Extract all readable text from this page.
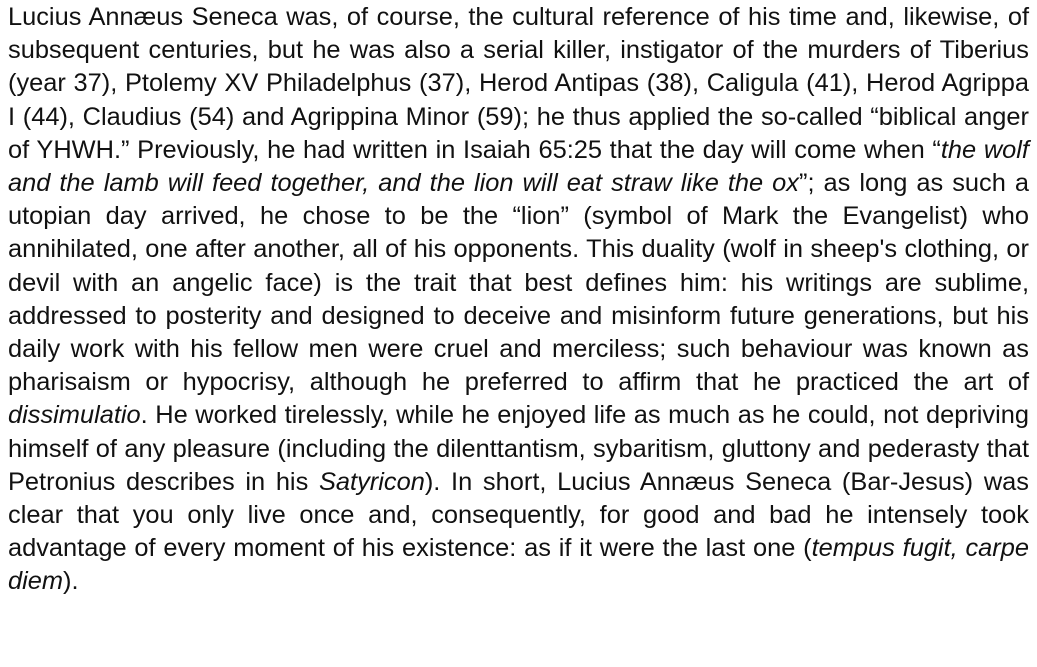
Lucius Annæus Seneca was, of course, the cultural reference of his time and, likewise, of subsequent centuries, but he was also a serial killer, instigator of the murders of Tiberius (year 37), Ptolemy XV Philadelphus (37), Herod Antipas (38), Caligula (41), Herod Agrippa I (44), Claudius (54) and Agrippina Minor (59); he thus applied the so-called “biblical anger of YHWH.” Previously, he had written in Isaiah 65:25 that the day will come when “the wolf and the lamb will feed together, and the lion will eat straw like the ox”; as long as such a utopian day arrived, he chose to be the “lion” (symbol of Mark the Evangelist) who annihilated, one after another, all of his opponents. This duality (wolf in sheep's clothing, or devil with an angelic face) is the trait that best defines him: his writings are sublime, addressed to posterity and designed to deceive and misinform future generations, but his daily work with his fellow men were cruel and merciless; such behaviour was known as pharisaism or hypocrisy, although he preferred to affirm that he practiced the art of dissimulatio. He worked tirelessly, while he enjoyed life as much as he could, not depriving himself of any pleasure (including the dilenttantism, sybaritism, gluttony and pederasty that Petronius describes in his Satyricon). In short, Lucius Annæus Seneca (Bar-Jesus) was clear that you only live once and, consequently, for good and bad he intensely took advantage of every moment of his existence: as if it were the last one (tempus fugit, carpe diem).
